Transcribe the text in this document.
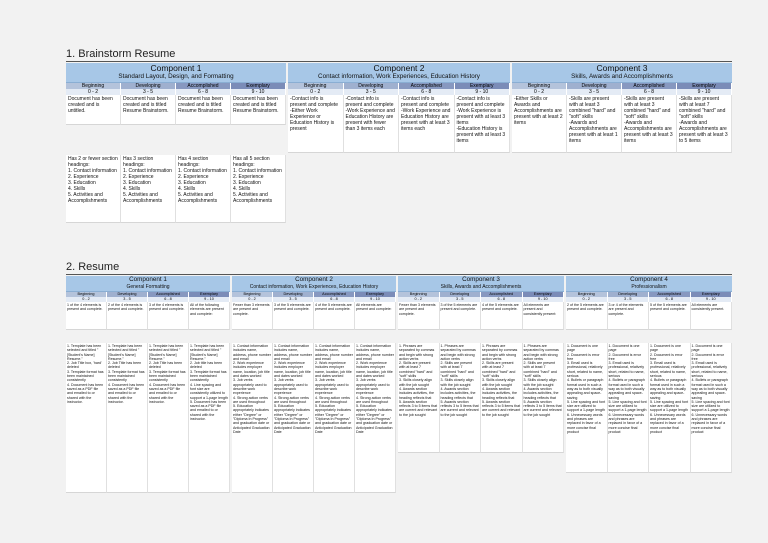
1. Brainstorm Resume
Component 1
Standard Layout, Design, and Formatting
Beginning
0 - 2
Developing
3 - 5
Accomplished
6 - 8
Exemplary
9 - 10
Document has been created and is untitled.
Document has been created and is titled Resume Brainstorm.
Document has been created and is titled Resume Brainstorm.
Document has been created and is titled Resume Brainstorm.
Has 2 or fewer section headings:
1. Contact information
2. Experience
3. Education
4. Skills
5. Activities and Accomplishments
Has 3 section headings:
1. Contact information
2. Experience
3. Education
4. Skills
5. Activities and Accomplishments
Has 4 section headings:
1. Contact information
2. Experience
3. Education
4. Skills
5. Activities and Accomplishments
Has all 5 section headings:
1. Contact information
2. Experience
3. Education
4. Skills
5. Activities and Accomplishments
Component 2
Contact information, Work Experiences, Education History
Beginning
0 - 2
Developing
3 - 5
Accomplished
6 - 8
Exemplary
9 - 10
-Contact info is present and complete
-Either Work Experience or Education History is present
-Contact info is present and complete
-Work Experience and Education History are present with fewer than 3 items each
-Contact info is present and complete
-Work Experience and Education History are present with at least 3 items each
-Contact info is present and complete
-Work Experience is present with at least 3 items
-Education History is present with at least 3 items
Component 3
Skills, Awards and Accomplishments
Beginning
0 - 2
Developing
3 - 5
Accomplished
6 - 8
Exemplary
9 - 10
-Either Skills or Awards and Accomplishments are present with at least 2 items
-Skills are present with at least 3 combined "hard" and "soft" skills
-Awards and Accomplishments are present with at least 1 items
-Skills are present with at least 3 combined "hard" and "soft" skills
-Awards and Accomplishments are present with at least 3 items
-Skills are present with at least 7 combined "hard" and "soft" skills
-Awards and Accomplishments are present with at least 3 to 5 items
2. Resume
Component 1
General Formatting
Beginning
0 - 2
Developing
3 - 5
Accomplished
6 - 8
Exemplary
9 - 10
1 of the 4 elements is present and complete.
2 of the 4 elements is present and complete.
3 of the 4 elements is present and complete.
All of the following elements are present and complete:
1. Template has been selected and titled "[Student's Name] Resume."
2. Job Title box, 'hard' deleted
3. Template format has been maintained consistently
4. Document has been saved as a PDF file and emailed to or shared with the instructor.
1. Template has been selected and titled "[Student's Name] Resume."
2. Job Title has been deleted
3. Template format has been maintained consistently
4. Document has been saved as a PDF file and emailed to or shared with the instructor.
1. Template has been selected and titled "[Student's Name] Resume."
2. Job Title has been deleted
3. Template format has been maintained consistently
4. Document has been saved as a PDF file and emailed to or shared with the instructor.
1. Template has been selected and titled "[Student's Name] Resume."
2. Job title has been deleted
3. Template format has been maintained consistently
4. Line spacing and font size are consistently utilized to support a 1-page length
5. Document has been saved as a PDF file and emailed to or shared with the instructor.
Component 2
Contact information, Work Experiences, Education History
Beginning
0 - 2
Developing
3 - 5
Accomplished
6 - 8
Exemplary
9 - 10
Fewer than 3 elements are present and complete.
3 of the 5 elements are present and complete.
4 of the 5 elements are present and complete.
All elements are present and complete:
1. Contact information includes name, address, phone number and email
2. Work experience includes employer name, location, job title and dates worked
3. Job verbs appropriately used to describe work experience
4. Strong action verbs are used throughout
5. Education appropriately indicates either "Degree" or "Diploma In Progress" and graduation date or Anticipated Graduation Date
1. Contact information includes name, address, phone number and email
2. Work experience includes employer name, location, job title and dates worked
3. Job verbs appropriately used to describe work experience
4. Strong action verbs are used throughout
5. Education appropriately indicates either "Degree" or "Diploma In Progress" and graduation date or Anticipated Graduation Date
1. Contact information includes name, address, phone number and email
2. Work experience includes employer name, location, job title and dates worked
3. Job verbs appropriately used to describe work experience
4. Strong action verbs are used throughout
5. Education appropriately indicates either "Degree" or "Diploma In Progress" and graduation date or Anticipated Graduation Date
1. Contact information includes name, address, phone number and email
2. Work experience includes employer name, location, job title and dates worked
3. Job verbs appropriately used to describe work experience
4. Strong action verbs are used throughout
5. Education appropriately indicates either "Degree" or "Diploma In Progress" and graduation date or Anticipated Graduation Date
Component 3
Skills, Awards and Accomplishments
Beginning
0 - 2
Developing
3 - 5
Accomplished
6 - 8
Exemplary
9 - 10
Fewer than 3 elements are present and complete.
3 of the 5 elements are present and complete.
4 of the 5 elements are present and complete.
All elements are present and consistently present:
1. Phrases are separated by commas and begin with strong action verbs
2. Skills are present with at least 7 combined "hard" and "soft" skills
3. Skills closely align with the job sought
4. Awards section includes activities, the heading reflects that
5. Awards section reflects 3 to 5 items that are current and relevant to the job sought
1. Phrases are separated by commas and begin with strong action verbs
2. Skills are present with at least 7 combined "hard" and "soft" skills
3. Skills closely align with the job sought
4. Awards section includes activities, the heading reflects that
5. Awards section reflects 3 to 5 items that are current and relevant to the job sought
1. Phrases are separated by commas and begin with strong action verbs
2. Skills are present with at least 7 combined "hard" and "soft" skills
3. Skills closely align with the job sought
4. Awards section includes activities, the heading reflects that
5. Awards section reflects 3 to 5 items that are current and relevant to the job sought
1. Phrases are separated by commas and begin with strong action verbs
2. Skills are present with at least 7 combined "hard" and "soft" skills
3. Skills closely align with the job sought
4. Awards section includes activities, the heading reflects that
5. Awards section reflects 3 to 5 items that are current and relevant to the job sought
Component 4
Professionalism
Beginning
0 - 2
Developing
3 - 5
Accomplished
6 - 8
Exemplary
9 - 10
2 of the 5 elements are present and complete.
3 or 4 of the elements are present and complete.
5 of the 5 elements are present and complete.
All elements are consistently present.
1. Document is one page
2. Document is error free
3. Email used is professional, relatively short, related to name, serious
4. Bullets or paragraph format used in such a way as to both visually appealing and space-saving
5. Line spacing and font size are utilized to support a 1-page length
6. Unnecessary words and phrases are replaced in favor of a more concise final product
1. Document is one page
2. Document is error free
3. Email used is professional, relatively short, related to name, serious
4. Bullets or paragraph format used in such a way as to both visually appealing and space-saving
5. Line spacing and font size are utilized to support a 1-page length
6. Unnecessary words and phrases are replaced in favor of a more concise final product
1. Document is one page
2. Document is error free
3. Email used is professional, relatively short, related to name, serious
4. Bullets or paragraph format used in such a way as to both visually appealing and space-saving
5. Line spacing and font size are utilized to support a 1-page length
6. Unnecessary words and phrases are replaced in favor of a more concise final product
1. Document is one page
2. Document is error free
3. Email used is professional, relatively short, related to name, serious
4. Bullets or paragraph format used in such a way as to both visually appealing and space-saving
5. Line spacing and font size are utilized to support a 1-page length
6. Unnecessary words and phrases are replaced in favor of a more concise final product
